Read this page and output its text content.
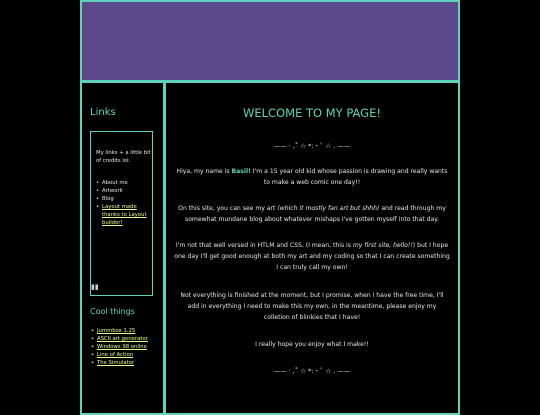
Links
My links + a little bit of credits lol.
• About me
• Artwork
• Blog
• Layout made thanks to Layout builder!
▮▮
Cool things
• Jummbox 1.25
• ASCII art generator
• Windows 98 online
• Line of Action
• The Simulator
WELCOME TO MY PAGE!
—— · ,˚ ☆ *:・ﾟ ☆ . ——

Hiya, my name is Basil! I'm a 15 year old kid whose passion is drawing and really wants to make a web comic one day!!

On this site, you can see my art (which it mostly fan art but shhh) and read through my somewhat mundane blog about whatever mishaps I've gotten myself into that day.

I'm not that well versed in HTLM and CSS, (I mean, this is my first site, hello!!) but I hope one day I'll get good enough at both my art and my coding so that I can create something I can truly call my own!

Not everything is finished at the moment, but I promise, when i have the free time, I'll add in everything I need to make this my own, in the meantime, please enjoy my colletion of blinkies that I have!

I really hope you enjoy what I make!!

—— · ,˚ ☆ *:・ﾟ ☆ . ——
